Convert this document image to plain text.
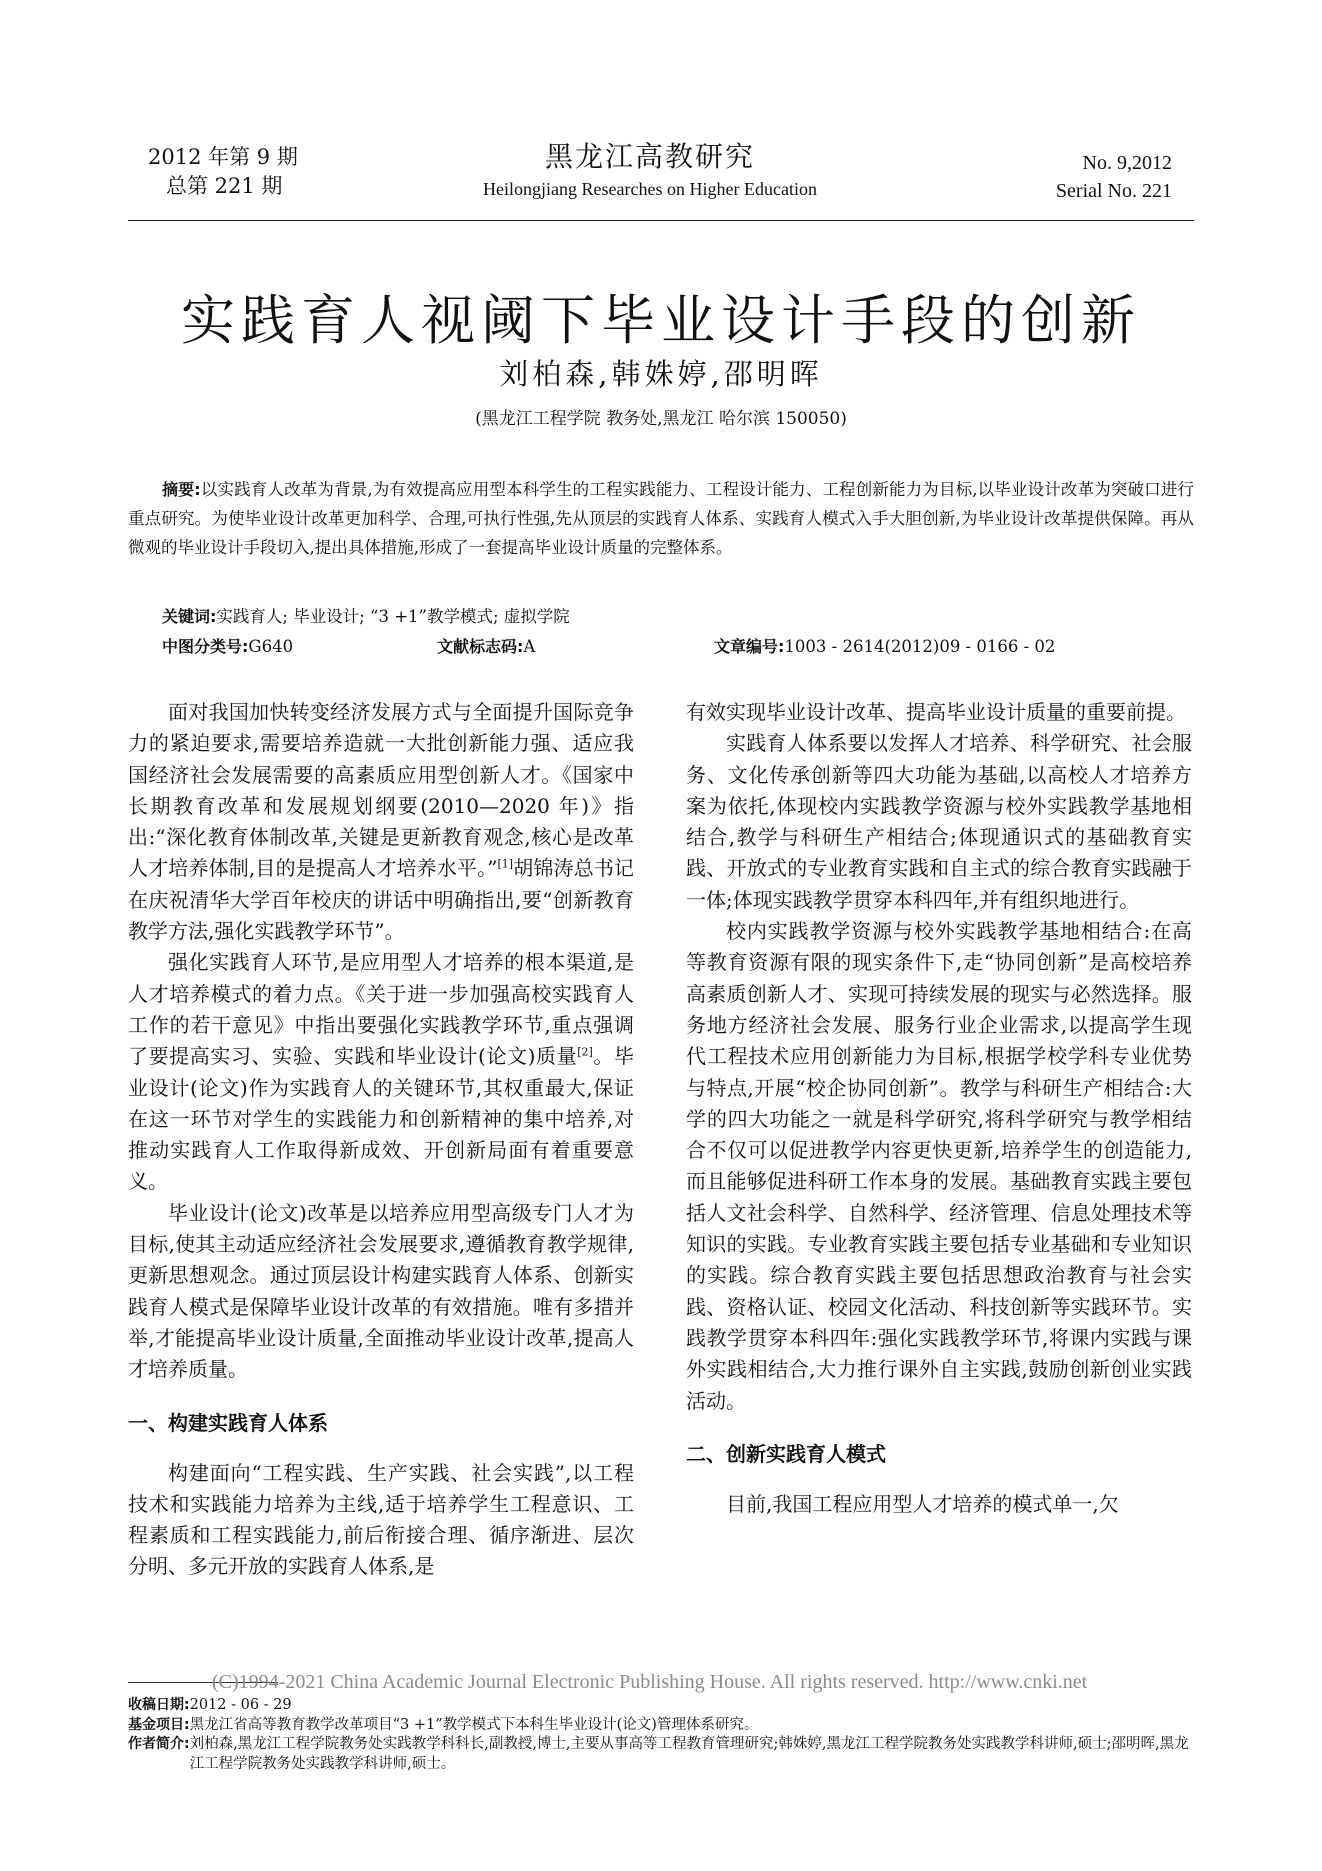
2012 年第 9 期
总第 221 期
黑龙江高教研究
Heilongjiang Researches on Higher Education
No. 9,2012
Serial No. 221
实践育人视阈下毕业设计手段的创新
刘柏森,韩姝婷,邵明晖
(黑龙江工程学院 教务处,黑龙江 哈尔滨 150050)

摘要:以实践育人改革为背景,为有效提高应用型本科学生的工程实践能力、工程设计能力、工程创新能力为目标,以毕业设计改革为突破口进行重点研究。为使毕业设计改革更加科学、合理,可执行性强,先从顶层的实践育人体系、实践育人模式入手大胆创新,为毕业设计改革提供保障。再从微观的毕业设计手段切入,提出具体措施,形成了一套提高毕业设计质量的完整体系。

关键词:实践育人; 毕业设计; “3 +1”教学模式; 虚拟学院
中图分类号:G640	文献标志码:A	文章编号:1003 - 2614(2012)09 - 0166 - 02

面对我国加快转变经济发展方式与全面提升国际竞争力的紧迫要求,需要培养造就一大批创新能力强、适应我国经济社会发展需要的高素质应用型创新人才。《国家中长期教育改革和发展规划纲要(2010—2020 年)》指出:“深化教育体制改革,关键是更新教育观念,核心是改革人才培养体制,目的是提高人才培养水平。”[1]胡锦涛总书记在庆祝清华大学百年校庆的讲话中明确指出,要“创新教育教学方法,强化实践教学环节”。

强化实践育人环节,是应用型人才培养的根本渠道,是人才培养模式的着力点。《关于进一步加强高校实践育人工作的若干意见》中指出要强化实践教学环节,重点强调了要提高实习、实验、实践和毕业设计(论文)质量[2]。毕业设计(论文)作为实践育人的关键环节,其权重最大,保证在这一环节对学生的实践能力和创新精神的集中培养,对推动实践育人工作取得新成效、开创新局面有着重要意义。

毕业设计(论文)改革是以培养应用型高级专门人才为目标,使其主动适应经济社会发展要求,遵循教育教学规律,更新思想观念。通过顶层设计构建实践育人体系、创新实践育人模式是保障毕业设计改革的有效措施。唯有多措并举,才能提高毕业设计质量,全面推动毕业设计改革,提高人才培养质量。

一、构建实践育人体系

构建面向“工程实践、生产实践、社会实践”,以工程技术和实践能力培养为主线,适于培养学生工程意识、工程素质和工程实践能力,前后衔接合理、循序渐进、层次分明、多元开放的实践育人体系,是

有效实现毕业设计改革、提高毕业设计质量的重要前提。

实践育人体系要以发挥人才培养、科学研究、社会服务、文化传承创新等四大功能为基础,以高校人才培养方案为依托,体现校内实践教学资源与校外实践教学基地相结合,教学与科研生产相结合;体现通识式的基础教育实践、开放式的专业教育实践和自主式的综合教育实践融于一体;体现实践教学贯穿本科四年,并有组织地进行。

校内实践教学资源与校外实践教学基地相结合:在高等教育资源有限的现实条件下,走“协同创新”是高校培养高素质创新人才、实现可持续发展的现实与必然选择。服务地方经济社会发展、服务行业企业需求,以提高学生现代工程技术应用创新能力为目标,根据学校学科专业优势与特点,开展“校企协同创新”。教学与科研生产相结合:大学的四大功能之一就是科学研究,将科学研究与教学相结合不仅可以促进教学内容更快更新,培养学生的创造能力,而且能够促进科研工作本身的发展。基础教育实践主要包括人文社会科学、自然科学、经济管理、信息处理技术等知识的实践。专业教育实践主要包括专业基础和专业知识的实践。综合教育实践主要包括思想政治教育与社会实践、资格认证、校园文化活动、科技创新等实践环节。实践教学贯穿本科四年:强化实践教学环节,将课内实践与课外实践相结合,大力推行课外自主实践,鼓励创新创业实践活动。

二、创新实践育人模式

目前,我国工程应用型人才培养的模式单一,欠

(C)1994-2021 China Academic Journal Electronic Publishing House. All rights reserved. http://www.cnki.net
收稿日期: 2012 - 06 - 29
基金项目: 黑龙江省高等教育教学改革项目“3 +1”教学模式下本科生毕业设计(论文)管理体系研究。
作者简介: 刘柏森,黑龙江工程学院教务处实践教学科科长,副教授,博士,主要从事高等工程教育管理研究;韩姝婷,黑龙江工程学院教务处实践教学科讲师,硕士;邵明晖,黑龙江工程学院教务处实践教学科讲师,硕士。
